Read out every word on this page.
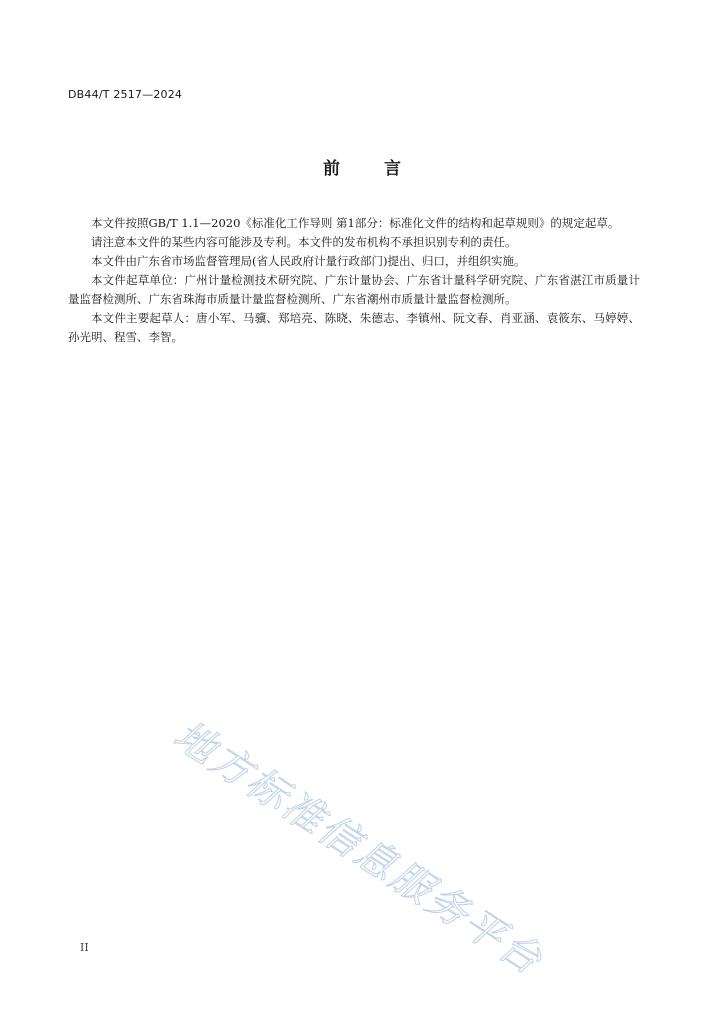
DB44/T 2517—2024
前	言

本文件按照GB/T 1.1—2020《标准化工作导则 第1部分：标准化文件的结构和起草规则》的规定起草。

请注意本文件的某些内容可能涉及专利。本文件的发布机构不承担识别专利的责任。

本文件由广东省市场监督管理局(省人民政府计量行政部门)提出、归口，并组织实施。

本文件起草单位：广州计量检测技术研究院、广东计量协会、广东省计量科学研究院、广东省湛江市质量计量监督检测所、广东省珠海市质量计量监督检测所、广东省潮州市质量计量监督检测所。

本文件主要起草人：唐小军、马骥、郑培亮、陈晓、朱德志、李镇州、阮文春、肖亚涵、袁筱东、马婷婷、孙光明、程雪、李智。

地方标准信息服务平台
II
